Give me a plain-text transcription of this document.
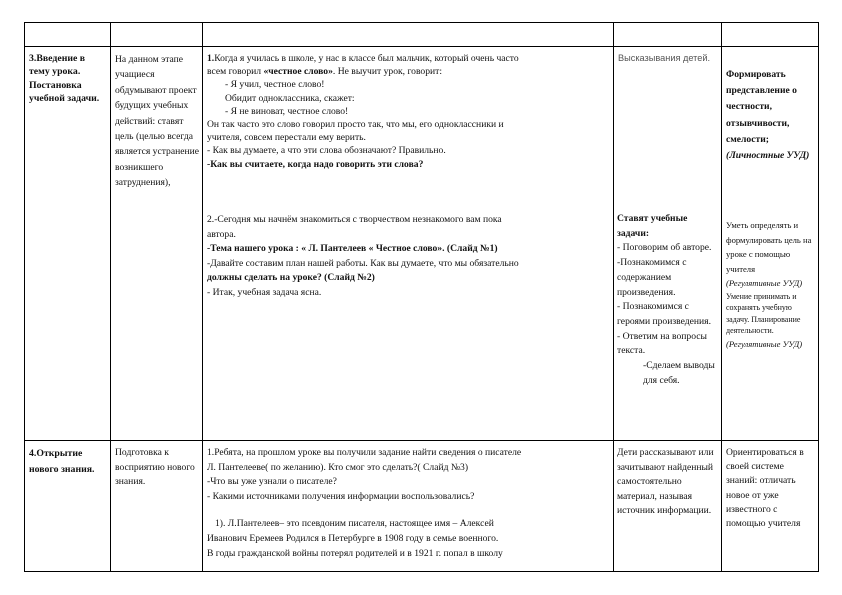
3.Введение в тему урока. Постановка учебной задачи.

На данном этапе учащиеся обдумывают проект будущих учебных действий: ставят цель (целью всегда является устранение возникшего затруднения),

1.Когда я училась в школе, у нас в классе был мальчик, который очень часто

всем говорил «честное слово». Не выучит урок, говорит:

- Я учил, честное слово!

Обидит одноклассника, скажет:

- Я не виноват, честное слово!

Он так часто это слово говорил просто так, что мы, его одноклассники и

учителя, совсем перестали ему верить.

- Как вы думаете, а что эти слова обозначают? Правильно.

-Как вы считаете, когда надо говорить эти слова?

2.-Сегодня мы начнём знакомиться с творчеством незнакомого вам пока

автора.

-Тема нашего урока : « Л. Пантелеев « Честное слово». (Слайд №1)

-Давайте составим план нашей работы. Как вы думаете, что мы обязательно

должны сделать на уроке? (Слайд №2)

- Итак, учебная задача ясна.

Высказывания детей.

Ставят учебные задачи:

- Поговорим об авторе.

-Познакомимся с содержанием произведения.

- Познакомимся с героями произведения.

- Ответим на вопросы текста.

-Сделаем выводы для себя.

Формировать представление о честности, отзывчивости, смелости;

(Личностные УУД)

Уметь определять и формулировать цель на уроке с помощью учителя

(Регулятивные УУД)

Умение принимать и сохранять учебную задачу. Планирование деятельности.

(Регулятивные УУД)

4.Открытие нового знания.

Подготовка к восприятию нового знания.

1.Ребята, на прошлом уроке вы получили задание найти сведения о писателе

Л. Пантелееве( по желанию). Кто смог это сделать?( Слайд №3)

-Что вы уже узнали о писателе?

- Какими источниками получения информации воспользовались?

1). Л.Пантелеев– это псевдоним писателя, настоящее имя – Алексей

Иванович Еремеев Родился в Петербурге в 1908 году в семье военного.

В годы гражданской войны потерял родителей и в 1921 г. попал в школу

Дети рассказывают или зачитывают найденный самостоятельно материал, называя источник информации.

Ориентироваться в своей системе знаний: отличать новое от уже известного с помощью учителя
